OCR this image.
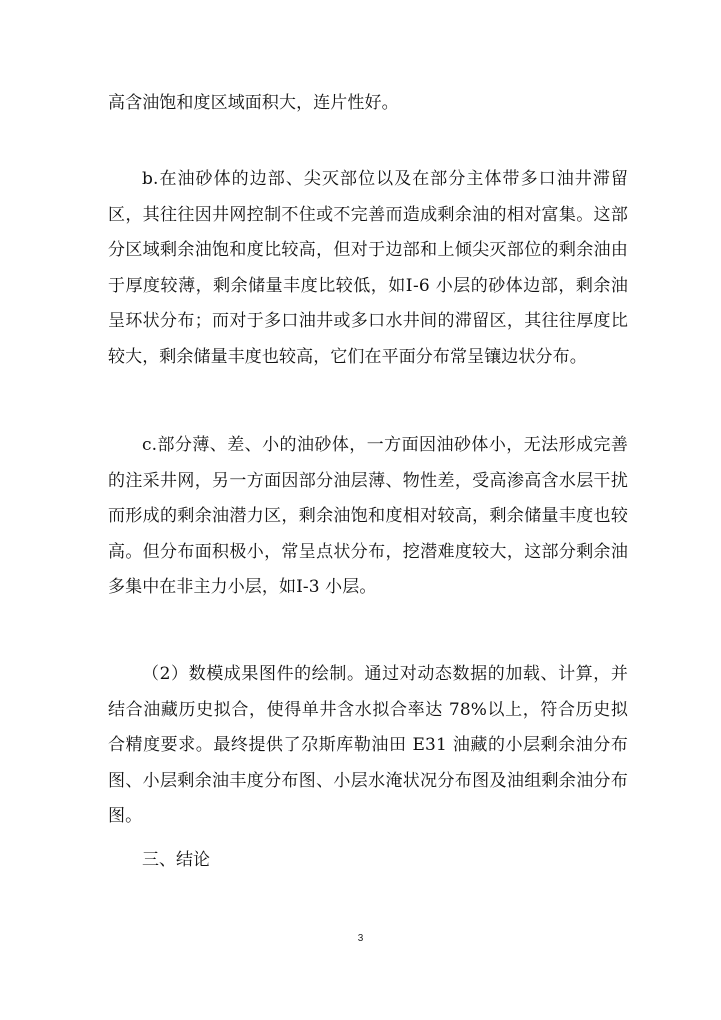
高含油饱和度区域面积大，连片性好。

b.在油砂体的边部、尖灭部位以及在部分主体带多口油井滞留区，其往往因井网控制不住或不完善而造成剩余油的相对富集。这部分区域剩余油饱和度比较高，但对于边部和上倾尖灭部位的剩余油由于厚度较薄，剩余储量丰度比较低，如Ⅰ-6 小层的砂体边部，剩余油呈环状分布；而对于多口油井或多口水井间的滞留区，其往往厚度比较大，剩余储量丰度也较高，它们在平面分布常呈镶边状分布。

c.部分薄、差、小的油砂体，一方面因油砂体小，无法形成完善的注采井网，另一方面因部分油层薄、物性差，受高渗高含水层干扰而形成的剩余油潜力区，剩余油饱和度相对较高，剩余储量丰度也较高。但分布面积极小，常呈点状分布，挖潜难度较大，这部分剩余油多集中在非主力小层，如Ⅰ-3 小层。

（2）数模成果图件的绘制。通过对动态数据的加载、计算，并结合油藏历史拟合，使得单井含水拟合率达 78%以上，符合历史拟合精度要求。最终提供了尕斯库勒油田 E31 油藏的小层剩余油分布图、小层剩余油丰度分布图、小层水淹状况分布图及油组剩余油分布图。

三、结论
3
